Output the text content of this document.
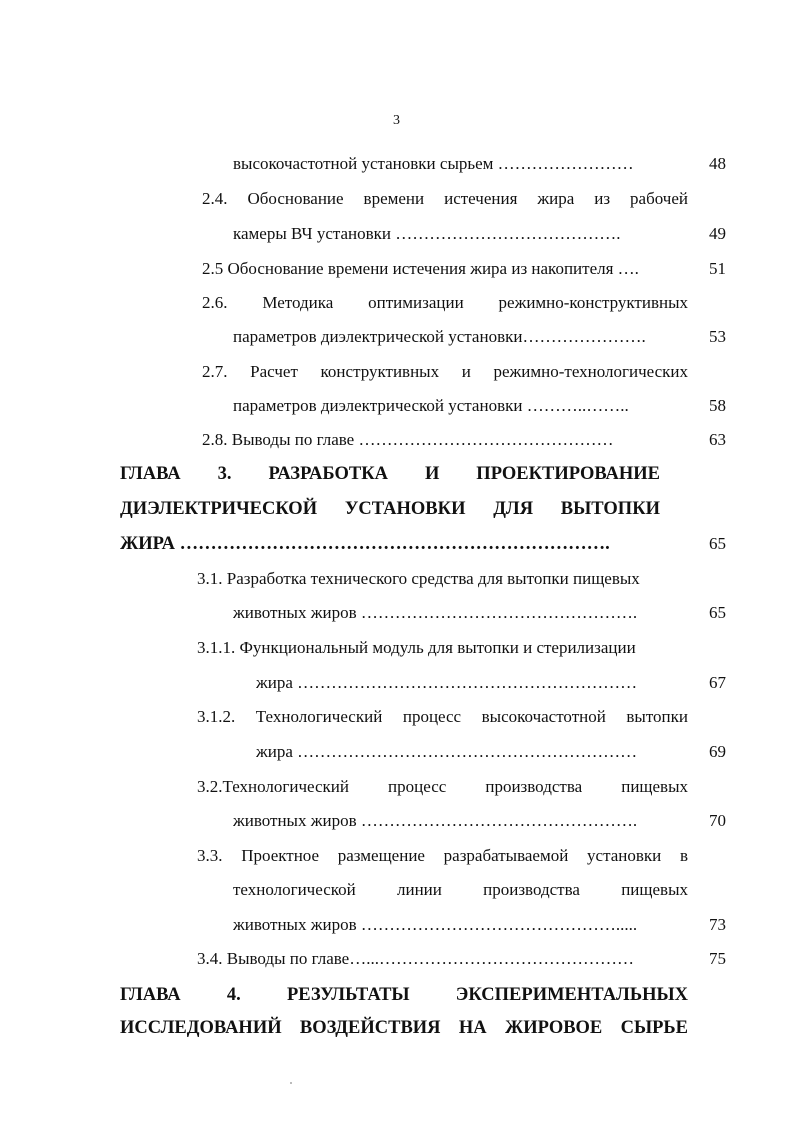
3
высокочастотной установки сырьем ……………………	48
2.4. Обоснование времени истечения жира из рабочей
камеры ВЧ установки ………………………………….	49
2.5 Обоснование времени истечения жира из накопителя ….	51
2.6. Методика оптимизации режимно-конструктивных
параметров диэлектрической установки………………….	53
2.7. Расчет конструктивных и режимно-технологических
параметров диэлектрической установки ………..……..	58
2.8. Выводы по главе ………………………………………	63
ГЛАВА 3. РАЗРАБОТКА И ПРОЕКТИРОВАНИЕ
ДИЭЛЕКТРИЧЕСКОЙ УСТАНОВКИ ДЛЯ ВЫТОПКИ
ЖИРА …………………………………………………………….	65
3.1. Разработка технического средства для вытопки пищевых
животных жиров ………………………………………….	65
3.1.1. Функциональный модуль для вытопки и стерилизации
жира ……………………………………………………	67
3.1.2. Технологический процесс высокочастотной вытопки
жира ……………………………………………………	69
3.2.Технологический процесс производства пищевых
животных жиров ………………………………………….	70
3.3. Проектное размещение разрабатываемой установки в
технологической линии производства пищевых
животных жиров ……………………………………….....	73
3.4. Выводы по главе…...………………………………………	75
ГЛАВА 4. РЕЗУЛЬТАТЫ ЭКСПЕРИМЕНТАЛЬНЫХ
ИССЛЕДОВАНИЙ ВОЗДЕЙСТВИЯ НА ЖИРОВОЕ СЫРЬЕ
